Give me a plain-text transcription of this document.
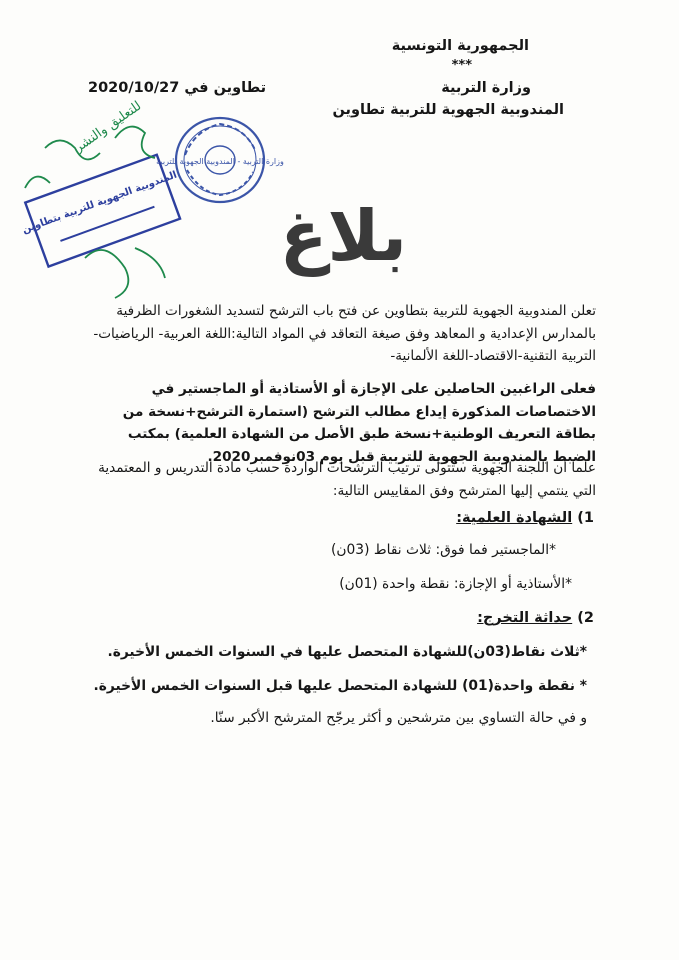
الجمهورية التونسية
***
وزارة التربية
المندوبية الجهوية للتربية تطاوين
تطاوين في 2020/10/27
وزارة التربية - المندوبية الجهوية للتربية
المندوبية الجهوية للتربية بتطاوين
للتعليق والنشر
بلاغ
تعلن المندوبية الجهوية للتربية بتطاوين عن فتح باب الترشح لتسديد الشغورات الظرفية بالمدارس الإعدادية و المعاهد وفق صيغة التعاقد في المواد التالية:اللغة العربية- الرياضيات-التربية التقنية-الاقتصاد-اللغة الألمانية-
فعلى الراغبين الحاصلين على الإجازة أو الأستاذية أو الماجستير في الاختصاصات المذكورة إيداع مطالب الترشح (استمارة الترشح+نسخة من بطاقة التعريف الوطنية+نسخة طبق الأصل من الشهادة العلمية) بمكتب الضبط بالمندوبية الجهوية للتربية قبل يوم 03نوفمبر2020.
علما أن اللجنة الجهوية ستتولى ترتيب الترشحات الواردة حسب مادة التدريس و المعتمدية التي ينتمي إليها المترشح وفق المقاييس التالية:
1) الشهادة العلمية:
*الماجستير فما فوق: ثلاث نقاط (03ن)
*الأستاذية أو الإجازة: نقطة واحدة (01ن)
2) حداثة التخرج:
*ثلاث نقاط(03ن)للشهادة المتحصل عليها في السنوات الخمس الأخيرة.
* نقطة واحدة(01) للشهادة المتحصل عليها قبل السنوات الخمس الأخيرة.
و في حالة التساوي بين مترشحين و أكثر يرجّح المترشح الأكبر سنّا.
